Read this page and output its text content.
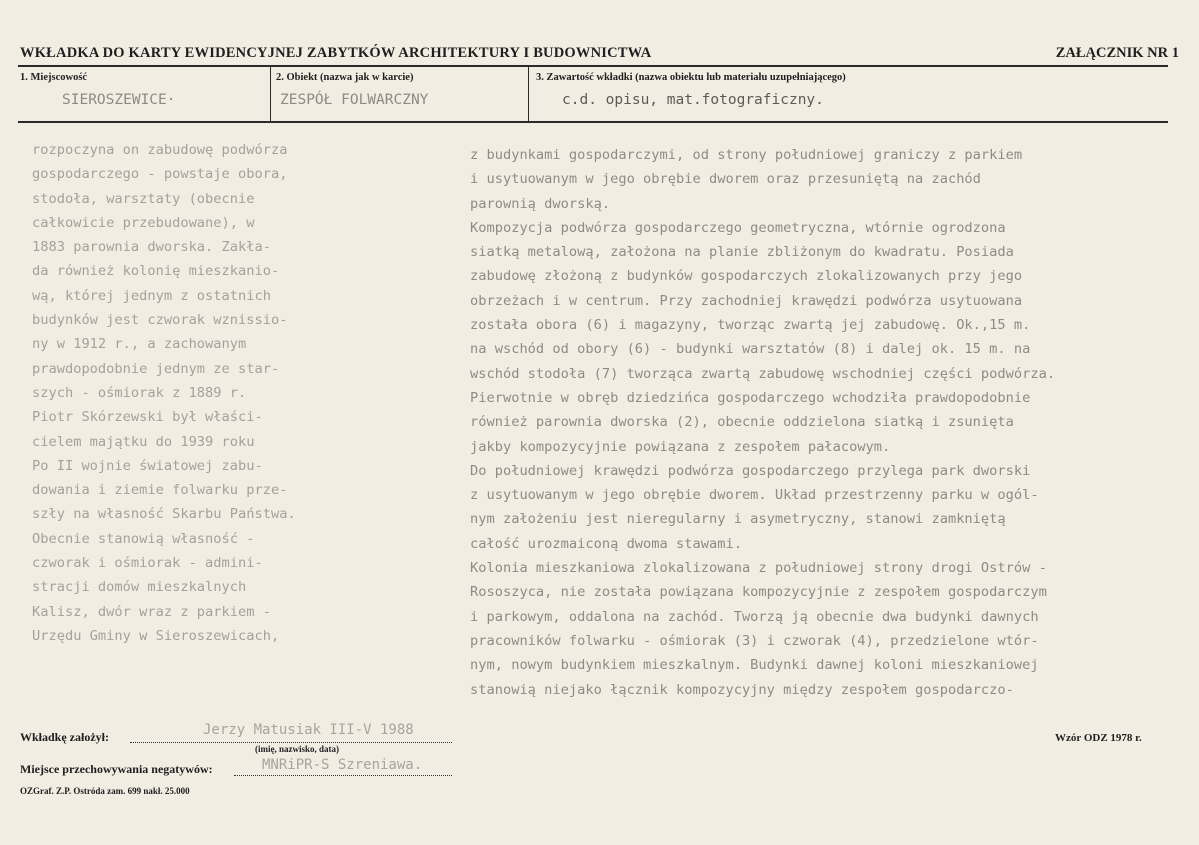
WKŁADKA DO KARTY EWIDENCYJNEJ ZABYTKÓW ARCHITEKTURY I BUDOWNICTWA	ZAŁĄCZNIK NR 1
1. Miejscowość
SIEROSZEWICE·
2. Obiekt (nazwa jak w karcie)
ZESPÓŁ FOLWARCZNY
3. Zawartość wkładki (nazwa obiektu lub materiału uzupełniającego)
c.d. opisu, mat.fotograficzny.
rozpoczyna on zabudowę podwórza
gospodarczego - powstaje obora,
stodoła, warsztaty (obecnie
całkowicie przebudowane), w
1883 parownia dworska. Zakła-
da również kolonię mieszkanio-
wą, której jednym z ostatnich
budynków jest czworak wznissio-
ny w 1912 r., a zachowanym
prawdopodobnie jednym ze star-
szych - ośmiorak z 1889 r.
Piotr Skórzewski był właści-
cielem majątku do 1939 roku
Po II wojnie światowej zabu-
dowania i ziemie folwarku prze-
szły na własność Skarbu Państwa.
Obecnie stanowią własność -
czworak i ośmiorak - admini-
stracji domów mieszkalnych
Kalisz, dwór wraz z parkiem -
Urzędu Gminy w Sieroszewicach,
z budynkami gospodarczymi, od strony południowej graniczy z parkiem
i usytuowanym w jego obrębie dworem oraz przesuniętą na zachód
parownią dworską.
Kompozycja podwórza gospodarczego geometryczna, wtórnie ogrodzona
siatką metalową, założona na planie zbliżonym do kwadratu. Posiada
zabudowę złożoną z budynków gospodarczych zlokalizowanych przy jego
obrzeżach i w centrum. Przy zachodniej krawędzi podwórza usytuowana
została obora (6) i magazyny, tworząc zwartą jej zabudowę. Ok.,15 m.
na wschód od obory (6) - budynki warsztatów (8) i dalej ok. 15 m. na
wschód stodoła (7) tworząca zwartą zabudowę wschodniej części podwórza.
Pierwotnie w obręb dziedzińca gospodarczego wchodziła prawdopodobnie
również parownia dworska (2), obecnie oddzielona siatką i zsunięta
jakby kompozycyjnie powiązana z zespołem pałacowym.
Do południowej krawędzi podwórza gospodarczego przylega park dworski
z usytuowanym w jego obrębie dworem. Układ przestrzenny parku w ogól-
nym założeniu jest nieregularny i asymetryczny, stanowi zamkniętą
całość urozmaiconą dwoma stawami.
Kolonia mieszkaniowa zlokalizowana z południowej strony drogi Ostrów -
Rososzyca, nie została powiązana kompozycyjnie z zespołem gospodarczym
i parkowym, oddalona na zachód. Tworzą ją obecnie dwa budynki dawnych
pracowników folwarku - ośmiorak (3) i czworak (4), przedzielone wtór-
nym, nowym budynkiem mieszkalnym. Budynki dawnej koloni mieszkaniowej
stanowią niejako łącznik kompozycyjny między zespołem gospodarczo-
Wkładkę założył:	Jerzy Matusiak III-V 1988
(imię, nazwisko, data)
Miejsce przechowywania negatywów:	MNRiPR-S Szreniawa.
Wzór ODZ 1978 r.
OZGraf. Z.P. Ostróda zam. 699 nakł. 25.000
